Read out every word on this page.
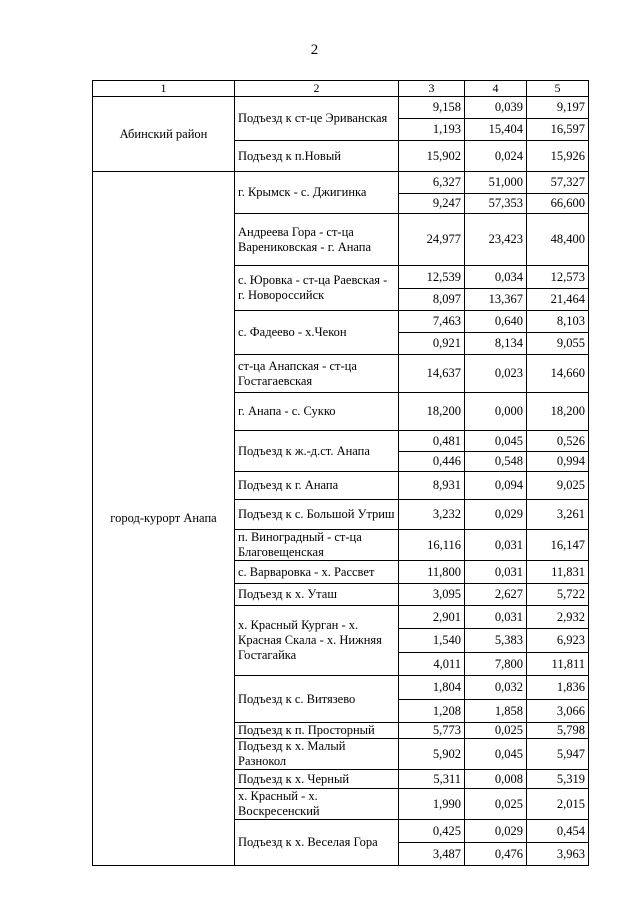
2
1	2	3	4	5
Абинский район	Подъезд к ст-це Эриванская	9,158	0,039	9,197
		1,193	15,404	16,597
	Подъезд к п.Новый	15,902	0,024	15,926
город-курорт Анапа	г. Крымск - с. Джигинка	6,327	51,000	57,327
		9,247	57,353	66,600
	Андреева Гора - ст-ца Варениковская - г. Анапа	24,977	23,423	48,400
	с. Юровка - ст-ца Раевская - г. Новороссийск	12,539	0,034	12,573
		8,097	13,367	21,464
	с. Фадеево - х.Чекон	7,463	0,640	8,103
		0,921	8,134	9,055
	ст-ца Анапская - ст-ца Гостагаевская	14,637	0,023	14,660
	г. Анапа - с. Сукко	18,200	0,000	18,200
	Подъезд к ж.-д.ст. Анапа	0,481	0,045	0,526
		0,446	0,548	0,994
	Подъезд к г. Анапа	8,931	0,094	9,025
	Подъезд к с. Большой Утриш	3,232	0,029	3,261
	п. Виноградный - ст-ца Благовещенская	16,116	0,031	16,147
	с. Варваровка - х. Рассвет	11,800	0,031	11,831
	Подъезд к х. Уташ	3,095	2,627	5,722
	х. Красный Курган - х. Красная Скала - х. Нижняя Гостагайка	2,901	0,031	2,932
		1,540	5,383	6,923
		4,011	7,800	11,811
	Подъезд к с. Витязево	1,804	0,032	1,836
		1,208	1,858	3,066
	Подъезд к п. Просторный	5,773	0,025	5,798
	Подъезд к х. Малый Разнокол	5,902	0,045	5,947
	Подъезд к х. Черный	5,311	0,008	5,319
	х. Красный - х. Воскресенский	1,990	0,025	2,015
	Подъезд к х. Веселая Гора	0,425	0,029	0,454
		3,487	0,476	3,963
